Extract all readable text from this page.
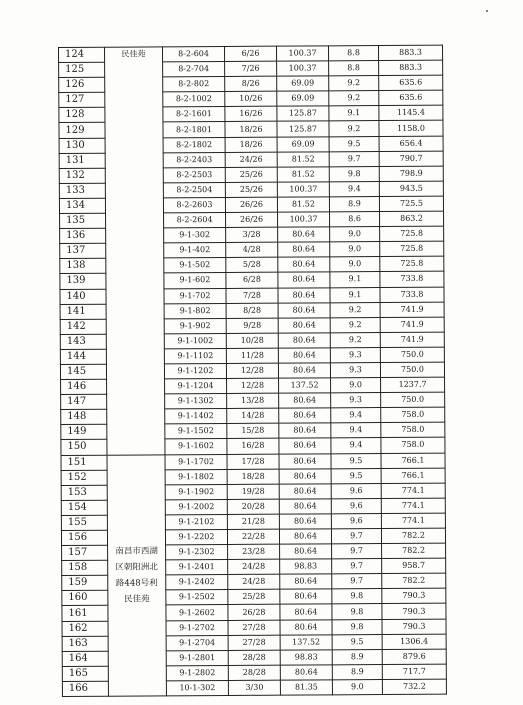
124	民佳苑	8-2-604	6/26	100.37	8.8	883.3
125		8-2-704	7/26	100.37	8.8	883.3
126		8-2-802	8/26	69.09	9.2	635.6
127		8-2-1002	10/26	69.09	9.2	635.6
128		8-2-1601	16/26	125.87	9.1	1145.4
129		8-2-1801	18/26	125.87	9.2	1158.0
130		8-2-1802	18/26	69.09	9.5	656.4
131		8-2-2403	24/26	81.52	9.7	790.7
132		8-2-2503	25/26	81.52	9.8	798.9
133		8-2-2504	25/26	100.37	9.4	943.5
134		8-2-2603	26/26	81.52	8.9	725.5
135		8-2-2604	26/26	100.37	8.6	863.2
136		9-1-302	3/28	80.64	9.0	725.8
137		9-1-402	4/28	80.64	9.0	725.8
138		9-1-502	5/28	80.64	9.0	725.8
139		9-1-602	6/28	80.64	9.1	733.8
140		9-1-702	7/28	80.64	9.1	733.8
141		9-1-802	8/28	80.64	9.2	741.9
142		9-1-902	9/28	80.64	9.2	741.9
143		9-1-1002	10/28	80.64	9.2	741.9
144		9-1-1102	11/28	80.64	9.3	750.0
145		9-1-1202	12/28	80.64	9.3	750.0
146		9-1-1204	12/28	137.52	9.0	1237.7
147		9-1-1302	13/28	80.64	9.3	750.0
148		9-1-1402	14/28	80.64	9.4	758.0
149		9-1-1502	15/28	80.64	9.4	758.0
150		9-1-1602	16/28	80.64	9.4	758.0
151	南昌市西湖区朝阳洲北路448号利民佳苑	9-1-1702	17/28	80.64	9.5	766.1
152		9-1-1802	18/28	80.64	9.5	766.1
153		9-1-1902	19/28	80.64	9.6	774.1
154		9-1-2002	20/28	80.64	9.6	774.1
155		9-1-2102	21/28	80.64	9.6	774.1
156		9-1-2202	22/28	80.64	9.7	782.2
157		9-1-2302	23/28	80.64	9.7	782.2
158		9-1-2401	24/28	98.83	9.7	958.7
159		9-1-2402	24/28	80.64	9.7	782.2
160		9-1-2502	25/28	80.64	9.8	790.3
161		9-1-2602	26/28	80.64	9.8	790.3
162		9-1-2702	27/28	80.64	9.8	790.3
163		9-1-2704	27/28	137.52	9.5	1306.4
164		9-1-2801	28/28	98.83	8.9	879.6
165		9-1-2802	28/28	80.64	8.9	717.7
166		10-1-302	3/30	81.35	9.0	732.2
